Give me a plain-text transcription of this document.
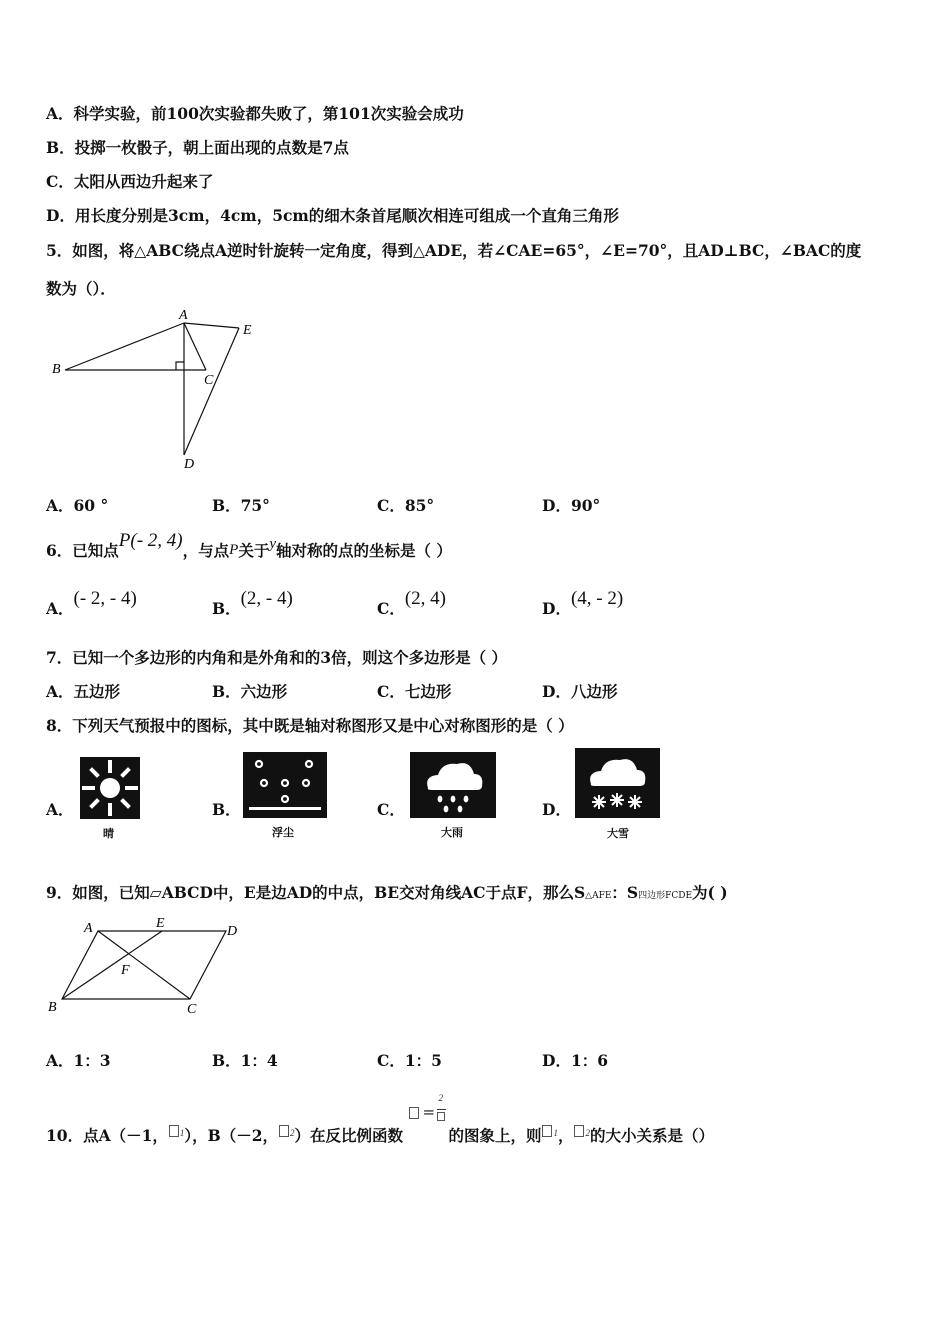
A．科学实验，前100次实验都失败了，第101次实验会成功
B．投掷一枚骰子，朝上面出现的点数是7点
C．太阳从西边升起来了
D．用长度分别是3cm，4cm，5cm的细木条首尾顺次相连可组成一个直角三角形
5．如图，将△ABC绕点A逆时针旋转一定角度，得到△ADE，若∠CAE=65°，∠E=70°，且AD⊥BC，∠BAC的度
数为（）．
A
B
C
D
E
A．60 °	B．75°	C．85°	D．90°
6．已知点P(- 2, 4)，与点P关于y轴对称的点的坐标是（ ）
A．(- 2, - 4)	B．(2, - 4)	C．(2, 4)	D．(4, - 2)
7．已知一个多边形的内角和是外角和的3倍，则这个多边形是（ ）
A．五边形	B．六边形	C．七边形	D．八边形
8．下列天气预报中的图标，其中既是轴对称图形又是中心对称图形的是（ ）
A．
晴
B．
浮尘
C．
大雨
D．
大雪
9．如图，已知▱ABCD中，E是边AD的中点，BE交对角线AC于点F，那么S△AFE：S四边形FCDE为( )
A	E
D
F
B	C
A．1：3	B．1：4	C．1：5	D．1：6
10．点A（－1， $^1$），B（－2， $^2$）在反比例函数
=
2
的图象上，则 $^1$， $^2$的大小关系是（）
